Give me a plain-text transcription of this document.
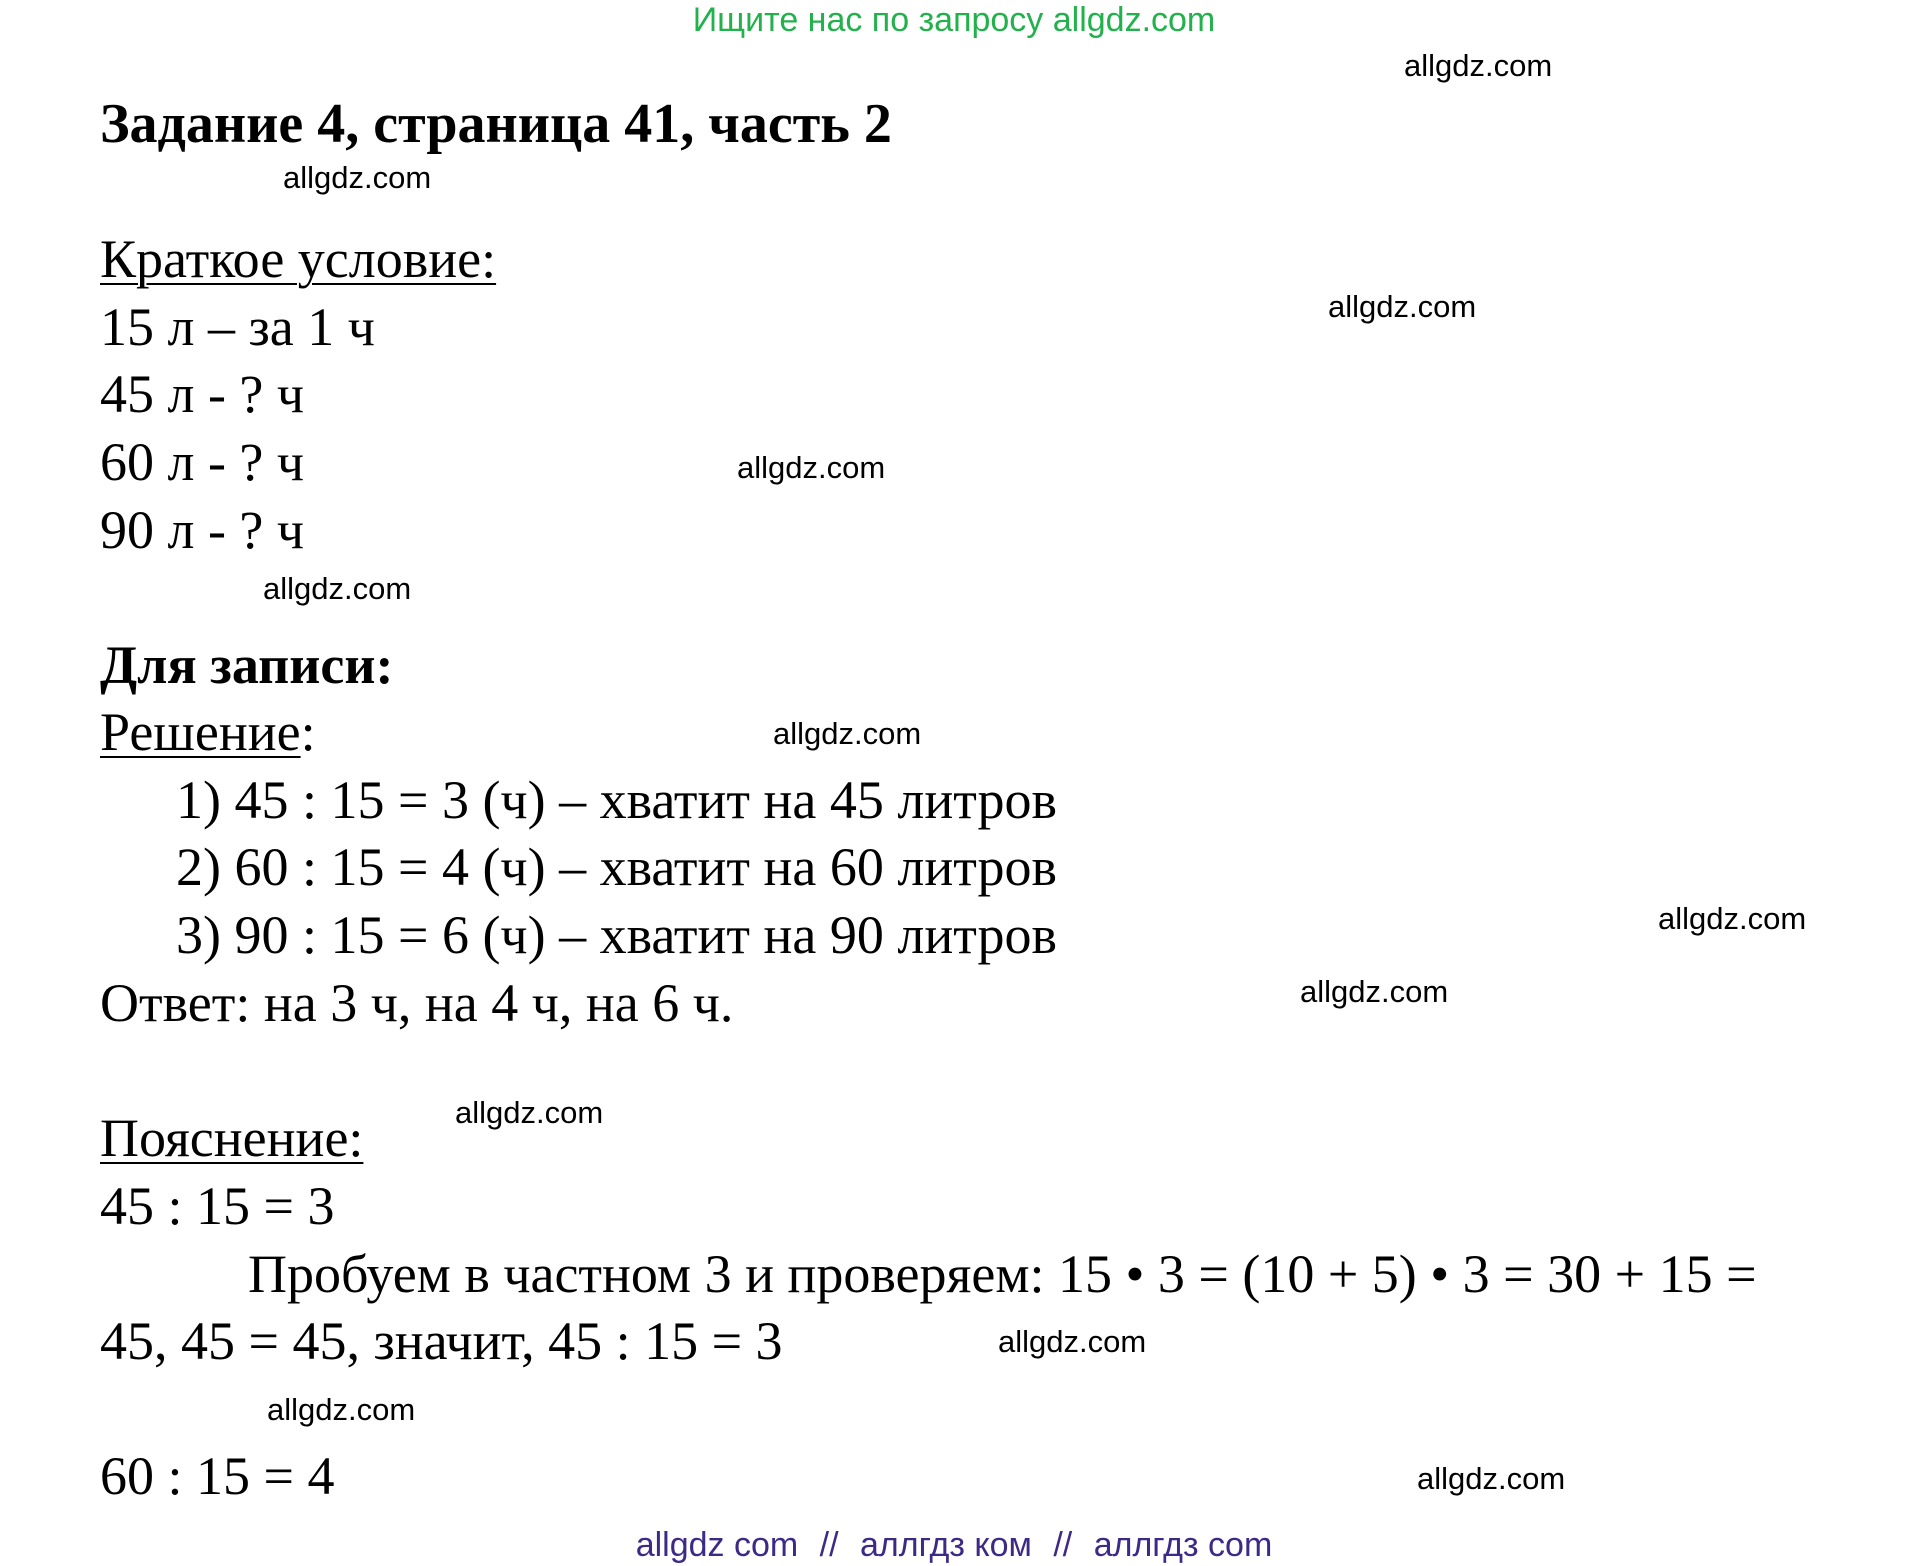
Ищите нас по запросу allgdz.com
Задание 4, страница 41, часть 2
Краткое условие:
15 л – за 1 ч
45 л - ? ч
60 л - ? ч
90 л - ? ч
Для записи:
Решение:
1) 45 : 15 = 3 (ч) – хватит на 45 литров
2) 60 : 15 = 4 (ч) – хватит на 60 литров
3) 90 : 15 = 6 (ч) – хватит на 90 литров
Ответ: на 3 ч, на 4 ч, на 6 ч.
Пояснение:
45 : 15 = 3
Пробуем в частном 3 и проверяем: 15 • 3 = (10 + 5) • 3 = 30 + 15 =
45, 45 = 45, значит, 45 : 15 = 3
60 : 15 = 4
allgdz.com
allgdz.com
allgdz.com
allgdz.com
allgdz.com
allgdz.com
allgdz.com
allgdz.com
allgdz.com
allgdz.com
allgdz.com
allgdz.com
allgdz com // аллгдз ком // аллгдз com
